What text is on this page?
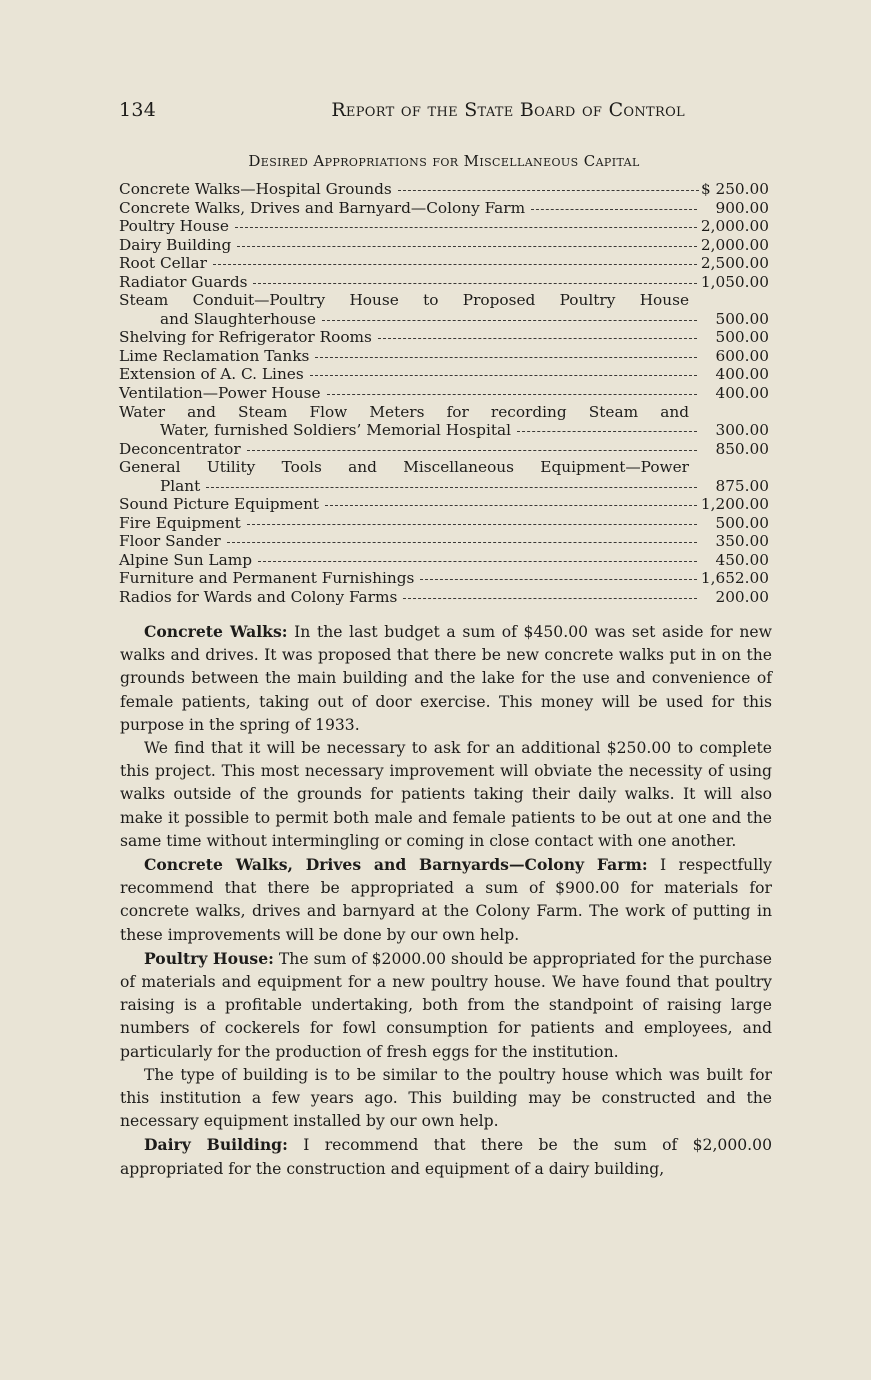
134	Report of the State Board of Control
Desired Appropriations for Miscellaneous Capital
Concrete Walks—Hospital Grounds	$ 250.00
Concrete Walks, Drives and Barnyard—Colony Farm	900.00
Poultry House	2,000.00
Dairy Building	2,000.00
Root Cellar	2,500.00
Radiator Guards	1,050.00
Steam Conduit—Poultry House to Proposed Poultry House
and Slaughterhouse	500.00
Shelving for Refrigerator Rooms	500.00
Lime Reclamation Tanks	600.00
Extension of A. C. Lines	400.00
Ventilation—Power House	400.00
Water and Steam Flow Meters for recording Steam and
Water, furnished Soldiers’ Memorial Hospital	300.00
Deconcentrator	850.00
General Utility Tools and Miscellaneous Equipment—Power
Plant	875.00
Sound Picture Equipment	1,200.00
Fire Equipment	500.00
Floor Sander	350.00
Alpine Sun Lamp	450.00
Furniture and Permanent Furnishings	1,652.00
Radios for Wards and Colony Farms	200.00

Concrete Walks: In the last budget a sum of $450.00 was set aside for new walks and drives. It was proposed that there be new concrete walks put in on the grounds between the main building and the lake for the use and convenience of female patients, taking out of door exercise. This money will be used for this purpose in the spring of 1933.

We find that it will be necessary to ask for an additional $250.00 to complete this project. This most necessary improvement will obviate the necessity of using walks outside of the grounds for patients taking their daily walks. It will also make it possible to permit both male and female patients to be out at one and the same time without intermingling or coming in close contact with one another.

Concrete Walks, Drives and Barnyards—Colony Farm: I respectfully recommend that there be appropriated a sum of $900.00 for materials for concrete walks, drives and barnyard at the Colony Farm. The work of putting in these improvements will be done by our own help.

Poultry House: The sum of $2000.00 should be appropriated for the purchase of materials and equipment for a new poultry house. We have found that poultry raising is a profitable undertaking, both from the standpoint of raising large numbers of cockerels for fowl consumption for patients and employees, and particularly for the production of fresh eggs for the institution.

The type of building is to be similar to the poultry house which was built for this institution a few years ago. This building may be constructed and the necessary equipment installed by our own help.

Dairy Building: I recommend that there be the sum of $2,000.00 appropriated for the construction and equipment of a dairy building,
